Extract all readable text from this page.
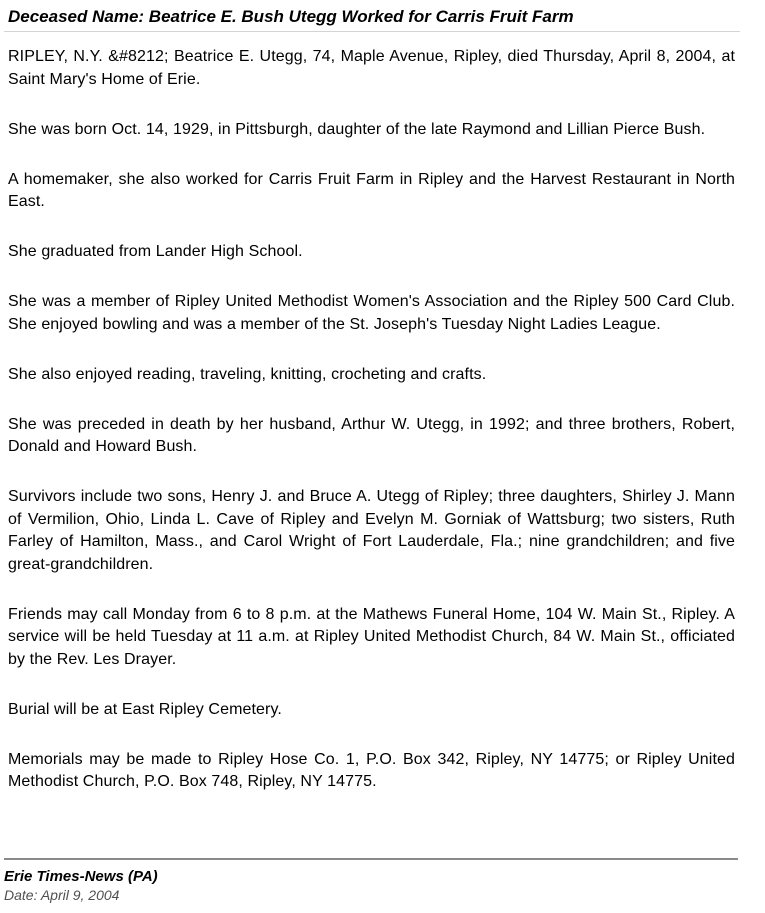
Deceased Name: Beatrice E. Bush Utegg Worked for Carris Fruit Farm

RIPLEY, N.Y. &#8212; Beatrice E. Utegg, 74, Maple Avenue, Ripley, died Thursday, April 8, 2004, at Saint Mary's Home of Erie.

She was born Oct. 14, 1929, in Pittsburgh, daughter of the late Raymond and Lillian Pierce Bush.

A homemaker, she also worked for Carris Fruit Farm in Ripley and the Harvest Restaurant in North East.

She graduated from Lander High School.

She was a member of Ripley United Methodist Women's Association and the Ripley 500 Card Club. She enjoyed bowling and was a member of the St. Joseph's Tuesday Night Ladies League.

She also enjoyed reading, traveling, knitting, crocheting and crafts.

She was preceded in death by her husband, Arthur W. Utegg, in 1992; and three brothers, Robert, Donald and Howard Bush.

Survivors include two sons, Henry J. and Bruce A. Utegg of Ripley; three daughters, Shirley J. Mann of Vermilion, Ohio, Linda L. Cave of Ripley and Evelyn M. Gorniak of Wattsburg; two sisters, Ruth Farley of Hamilton, Mass., and Carol Wright of Fort Lauderdale, Fla.; nine grandchildren; and five great-grandchildren.

Friends may call Monday from 6 to 8 p.m. at the Mathews Funeral Home, 104 W. Main St., Ripley. A service will be held Tuesday at 11 a.m. at Ripley United Methodist Church, 84 W. Main St., officiated by the Rev. Les Drayer.

Burial will be at East Ripley Cemetery.

Memorials may be made to Ripley Hose Co. 1, P.O. Box 342, Ripley, NY 14775; or Ripley United Methodist Church, P.O. Box 748, Ripley, NY 14775.

Erie Times-News (PA)
Date: April 9, 2004
